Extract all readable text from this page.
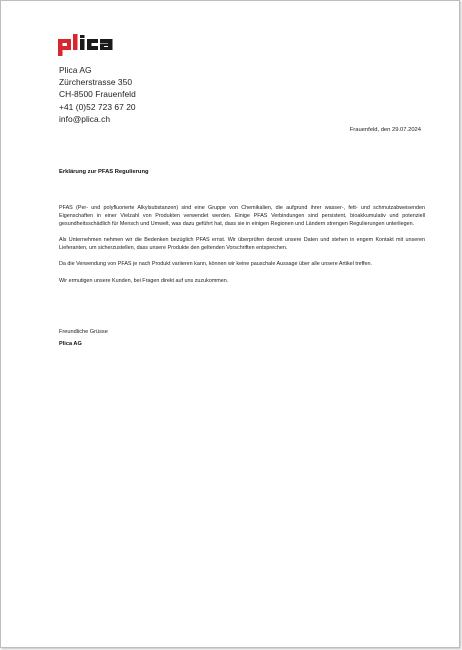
Plica AG
Zürcherstrasse 350
CH-8500 Frauenfeld
+41 (0)52 723 67 20
info@plica.ch
Frauenfeld, den 29.07.2024
Erklärung zur PFAS Regulierung

PFAS (Per- und polyfluorierte Alkylsubstanzen) sind eine Gruppe von Chemikalien, die aufgrund ihrer wasser-, fett- und schmutzabweisenden Eigenschaften in einer Vielzahl von Produkten verwendet werden. Einige PFAS Verbindungen sind persistent, bioakkumulativ und potenziell gesundheitsschädlich für Mensch und Umwelt, was dazu geführt hat, dass sie in einigen Regionen und Ländern strengen Regulierungen unterliegen.

Als Unternehmen nehmen wir die Bedenken bezüglich PFAS ernst. Wir überprüfen derzeit unsere Daten und stehen in engem Kontakt mit unseren Lieferanten, um sicherzustellen, dass unsere Produkte den geltenden Vorschriften entsprechen.

Da die Verwendung von PFAS je nach Produkt variieren kann, können wir keine pauschale Aussage über alle unsere Artikel treffen.

Wir ermutigen unsere Kunden, bei Fragen direkt auf uns zuzukommen.

Freundliche Grüsse
Plica AG
